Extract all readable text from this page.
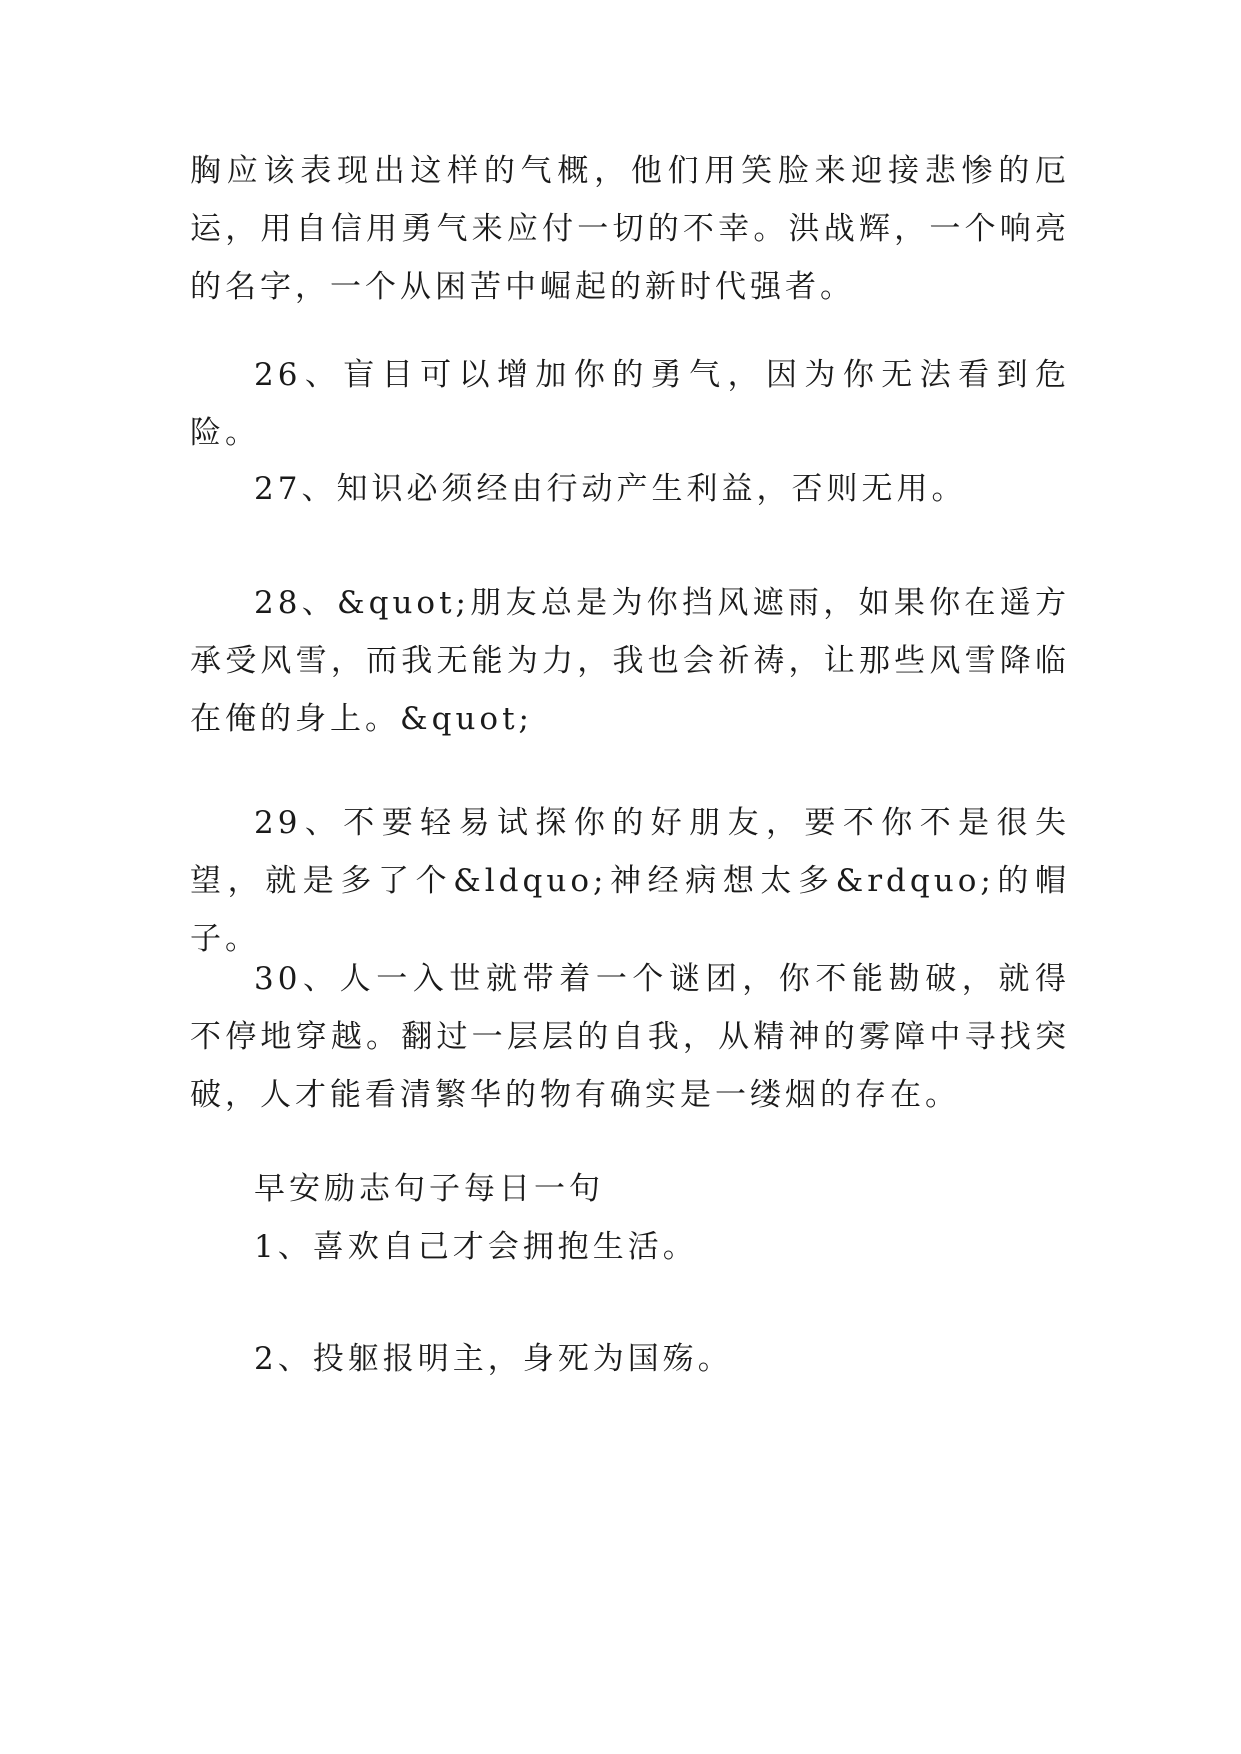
胸应该表现出这样的气概，他们用笑脸来迎接悲惨的厄运，用自信用勇气来应付一切的不幸。洪战辉，一个响亮的名字，一个从困苦中崛起的新时代强者。

26、盲目可以增加你的勇气，因为你无法看到危险。

27、知识必须经由行动产生利益，否则无用。

28、&quot;朋友总是为你挡风遮雨，如果你在遥方承受风雪，而我无能为力，我也会祈祷，让那些风雪降临在俺的身上。&quot;

29、不要轻易试探你的好朋友，要不你不是很失望，就是多了个&ldquo;神经病想太多&rdquo;的帽子。

30、人一入世就带着一个谜团，你不能勘破，就得不停地穿越。翻过一层层的自我，从精神的雾障中寻找突破，人才能看清繁华的物有确实是一缕烟的存在。

早安励志句子每日一句

1、喜欢自己才会拥抱生活。

2、投躯报明主，身死为国殇。
